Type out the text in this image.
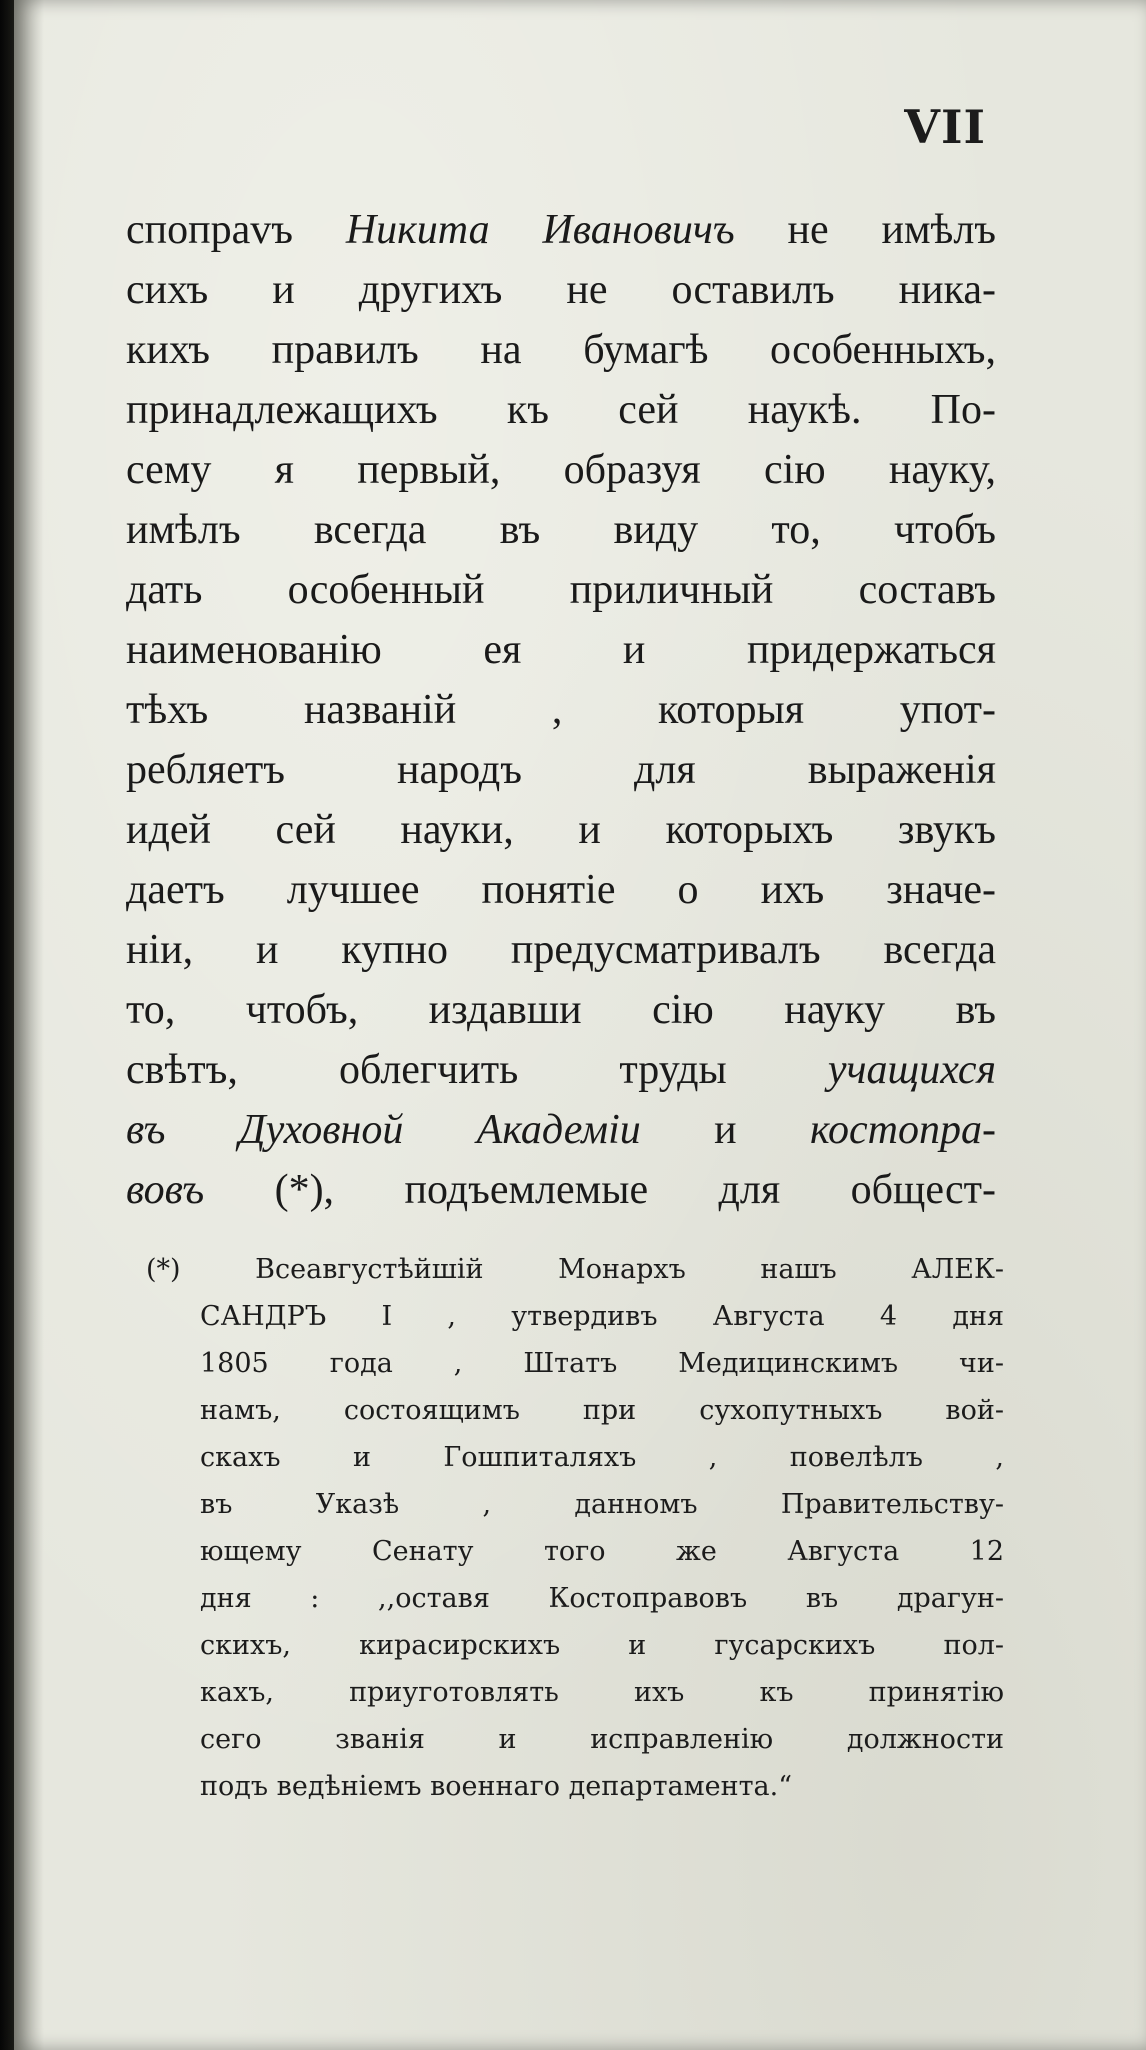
VII
спопрavъ Никита Ивановичъ не имѣлъ
сихъ и другихъ не оставилъ ника-
кихъ правилъ на бумагѣ особенныхъ,
принадлежащихъ къ сей наукѣ. По-
сему я первый, образуя сiю науку,
имѣлъ всегда въ виду то, чтобъ
дать особенный приличный составъ
наименованiю ея и придержаться
тѣхъ названiй , которыя упот-
ребляетъ народъ для выраженiя
идей сей науки, и которыхъ звукъ
даетъ лучшее понятiе о ихъ значе-
нiи, и купно предусматривалъ всегда
то, чтобъ, издавши сiю науку въ
свѣтъ, облегчить труды учащихся
въ Духовной Академiи и костопра-
вовъ (*), подъемлемые для общест-
(*) Всеавгустѣйшiй Монархъ нашъ АЛЕК-
САНДРЪ I , утвердивъ Августа 4 дня
1805 года , Штатъ Медицинскимъ чи-
намъ, состоящимъ при сухопутныхъ вой-
скахъ и Гошпиталяхъ , повелѣлъ ,
въ Указѣ , данномъ Правительству-
ющему Сенату того же Августа 12
дня : ,,оставя Костоправовъ въ драгун-
скихъ, кирасирскихъ и гусарскихъ пол-
кахъ, приуготовлять ихъ къ принятiю
сего званiя и исправленiю должности
подъ ведѣнiемъ военнаго департамента.“
